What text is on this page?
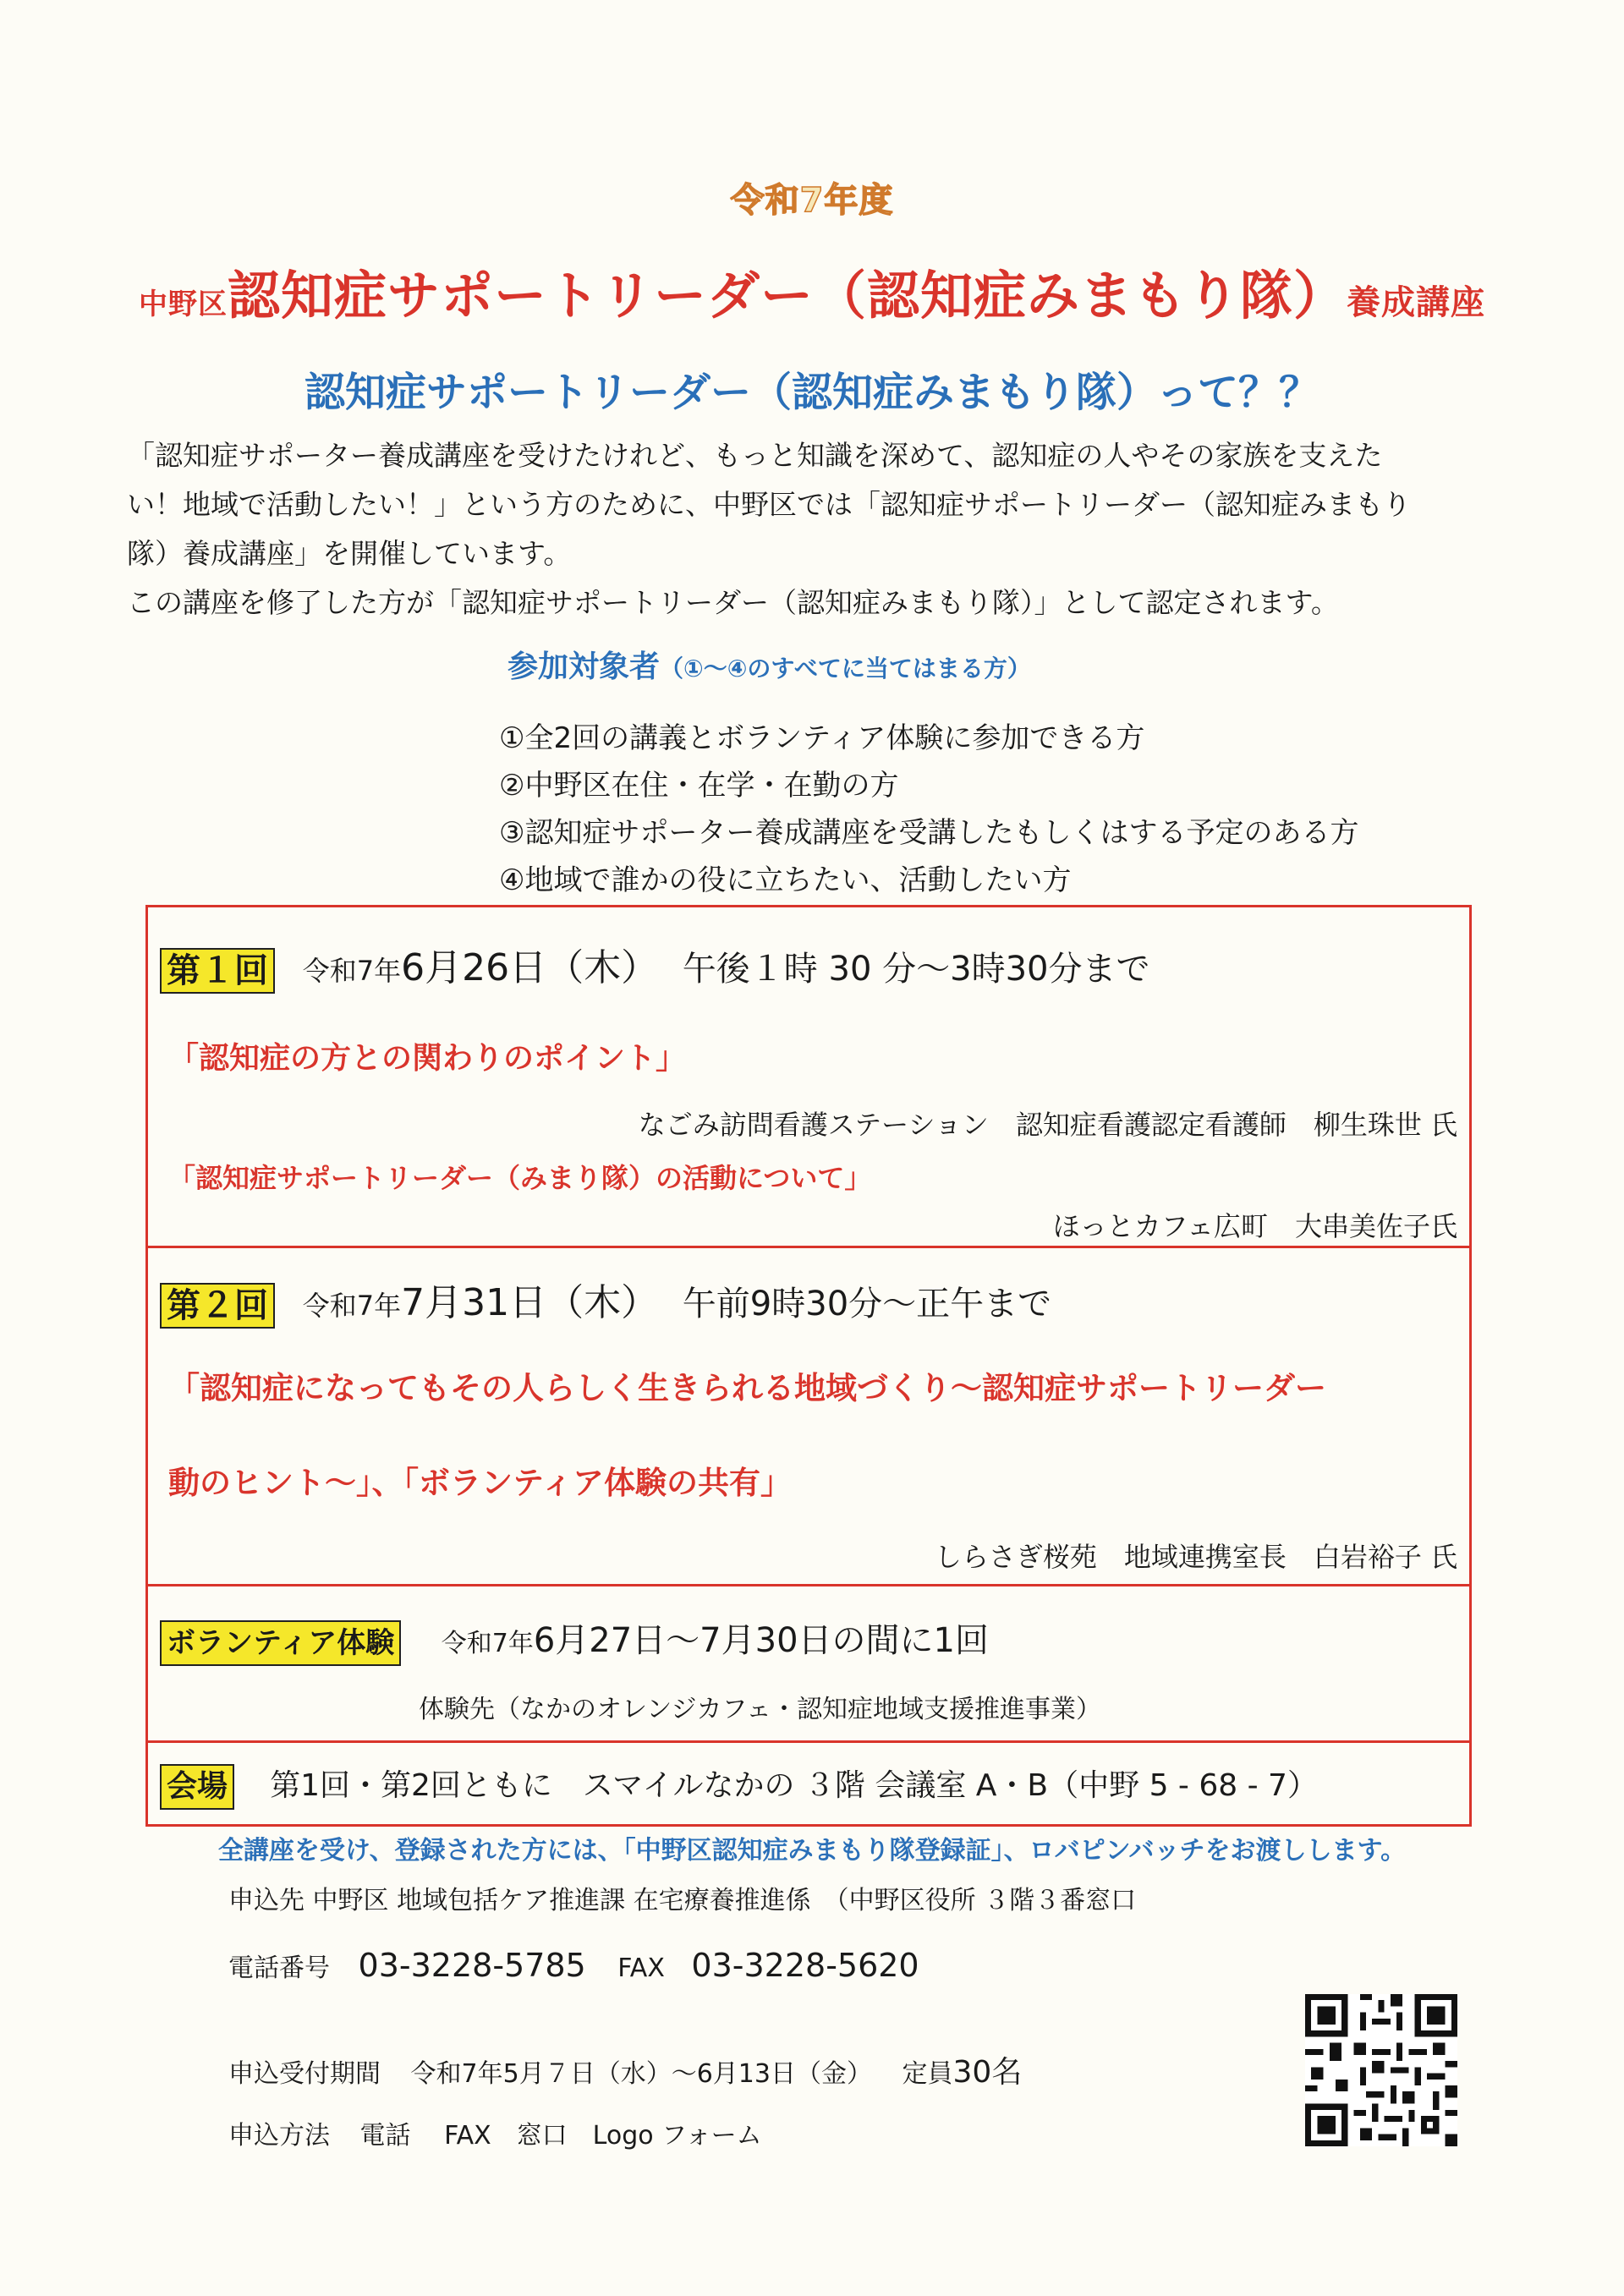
令和7年度
中野区認知症サポートリーダー（認知症みまもり隊）養成講座
認知症サポートリーダー（認知症みまもり隊）って？？

「認知症サポーター養成講座を受けたけれど、もっと知識を深めて、認知症の人やその家族を支えた

い！地域で活動したい！」という方のために、中野区では「認知症サポートリーダー（認知症みまもり

隊）養成講座」を開催しています。

この講座を修了した方が「認知症サポートリーダー（認知症みまもり隊）」として認定されます。

参加対象者（①～④のすべてに当てはまる方）
①全2回の講義とボランティア体験に参加できる方
②中野区在住・在学・在勤の方
③認知症サポーター養成講座を受講したもしくはする予定のある方
④地域で誰かの役に立ちたい、活動したい方
第１回 令和7年6月26日（木） 午後１時 30 分～3時30分まで
「認知症の方との関わりのポイント」
なごみ訪問看護ステーション　認知症看護認定看護師　柳生珠世 氏
「認知症サポートリーダー（みまり隊）の活動について」
ほっとカフェ広町　大串美佐子氏
第２回 令和7年7月31日（木） 午前9時30分～正午まで
「認知症になってもその人らしく生きられる地域づくり～認知症サポートリーダー
動のヒント～」、「ボランティア体験の共有」
しらさぎ桜苑　地域連携室長　白岩裕子 氏
ボランティア体験 令和7年6月27日～7月30日の間に1回
体験先（なかのオレンジカフェ・認知症地域支援推進事業）
会場 第1回・第2回ともに　スマイルなかの ３階 会議室 A・B（中野 5 - 68 - 7）
全講座を受け、登録された方には、「中野区認知症みまもり隊登録証」、ロバピンバッチをお渡しします。
申込先 中野区 地域包括ケア推進課 在宅療養推進係　（中野区役所 ３階３番窓口
電話番号 03-3228-5785 FAX 03-3228-5620
申込受付期間 令和7年5月７日（水）～6月13日（金） 定員30名
申込方法 電話　 FAX　窓口　Logo フォーム
